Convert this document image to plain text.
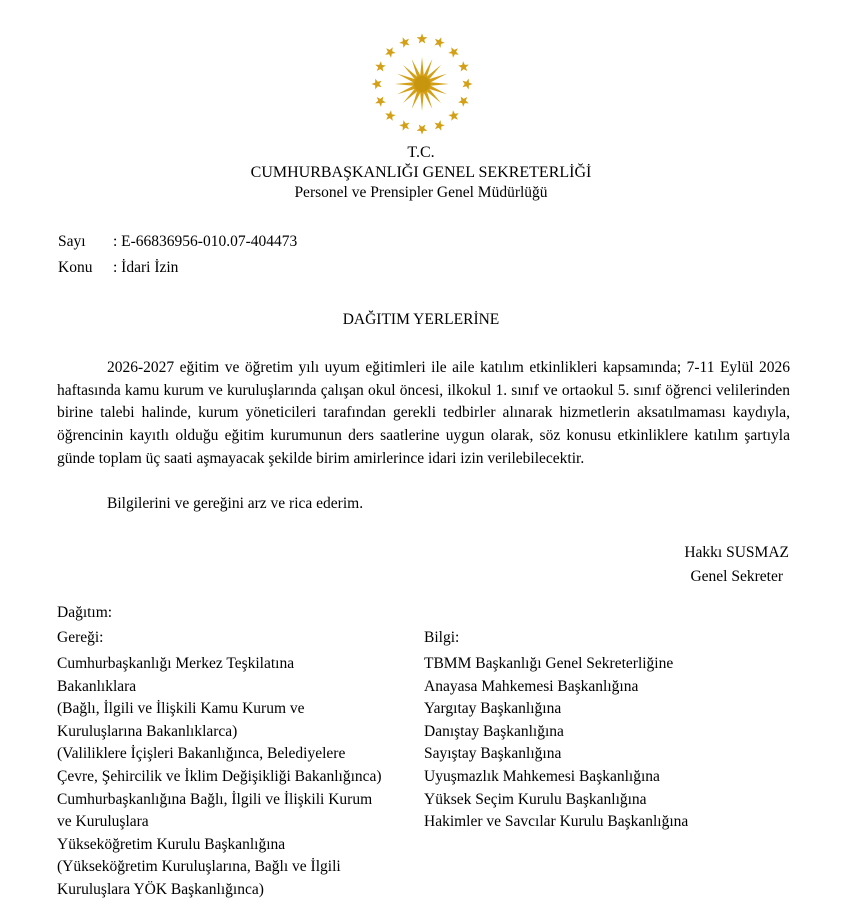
T.C.
CUMHURBAŞKANLIĞI GENEL SEKRETERLİĞİ
Personel ve Prensipler Genel Müdürlüğü
Sayı : E-66836956-010.07-404473
Konu : İdari İzin
DAĞITIM YERLERİNE

2026-2027 eğitim ve öğretim yılı uyum eğitimleri ile aile katılım etkinlikleri kapsamında; 7-11 Eylül 2026 haftasında kamu kurum ve kuruluşlarında çalışan okul öncesi, ilkokul 1. sınıf ve ortaokul 5. sınıf öğrenci velilerinden birine talebi halinde, kurum yöneticileri tarafından gerekli tedbirler alınarak hizmetlerin aksatılmaması kaydıyla, öğrencinin kayıtlı olduğu eğitim kurumunun ders saatlerine uygun olarak, söz konusu etkinliklere katılım şartıyla günde toplam üç saati aşmayacak şekilde birim amirlerince idari izin verilebilecektir.

Bilgilerini ve gereğini arz ve rica ederim.
Hakkı SUSMAZ
Genel Sekreter
Dağıtım:
Gereği:	Bilgi:
Cumhurbaşkanlığı Merkez Teşkilatına
Bakanlıklara
(Bağlı, İlgili ve İlişkili Kamu Kurum ve
Kuruluşlarına Bakanlıklarca)
(Valiliklere İçişleri Bakanlığınca, Belediyelere
Çevre, Şehircilik ve İklim Değişikliği Bakanlığınca)
Cumhurbaşkanlığına Bağlı, İlgili ve İlişkili Kurum
ve Kuruluşlara
Yükseköğretim Kurulu Başkanlığına
(Yükseköğretim Kuruluşlarına, Bağlı ve İlgili
Kuruluşlara YÖK Başkanlığınca)
TBMM Başkanlığı Genel Sekreterliğine
Anayasa Mahkemesi Başkanlığına
Yargıtay Başkanlığına
Danıştay Başkanlığına
Sayıştay Başkanlığına
Uyuşmazlık Mahkemesi Başkanlığına
Yüksek Seçim Kurulu Başkanlığına
Hakimler ve Savcılar Kurulu Başkanlığına
